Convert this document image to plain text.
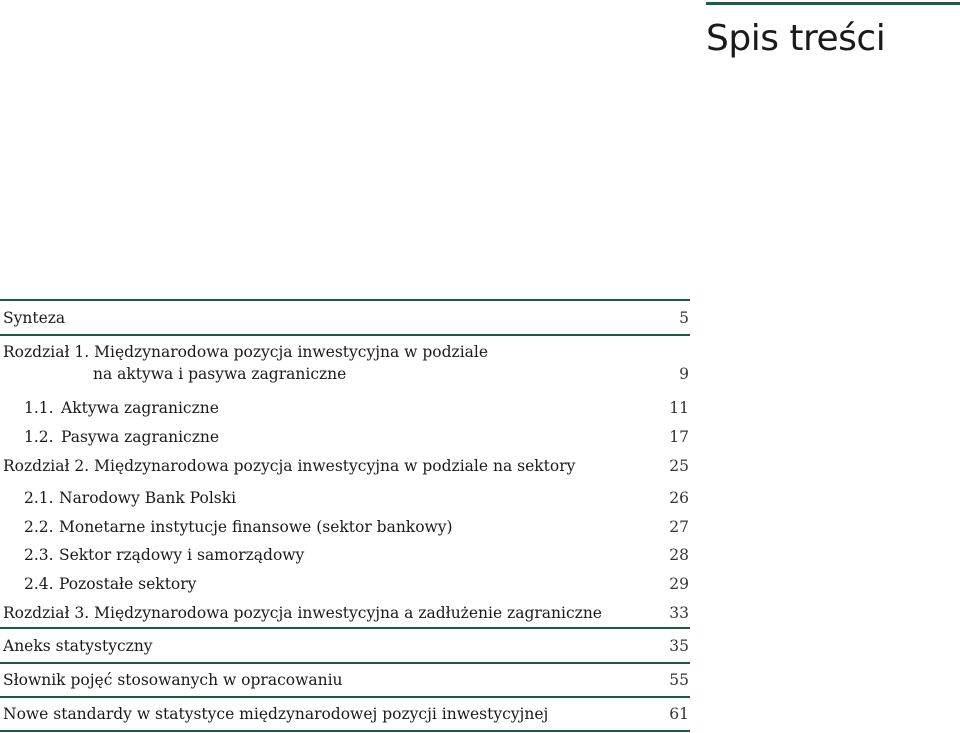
Spis treści
Synteza	5
Rozdział 1. Międzynarodowa pozycja inwestycyjna w podziale
na aktywa i pasywa zagraniczne	9
1.1. Aktywa zagraniczne	11
1.2. Pasywa zagraniczne	17
Rozdział 2. Międzynarodowa pozycja inwestycyjna w podziale na sektory	25
2.1. Narodowy Bank Polski	26
2.2. Monetarne instytucje finansowe (sektor bankowy)	27
2.3. Sektor rządowy i samorządowy	28
2.4. Pozostałe sektory	29
Rozdział 3. Międzynarodowa pozycja inwestycyjna a zadłużenie zagraniczne	33
Aneks statystyczny	35
Słownik pojęć stosowanych w opracowaniu	55
Nowe standardy w statystyce międzynarodowej pozycji inwestycyjnej	61
